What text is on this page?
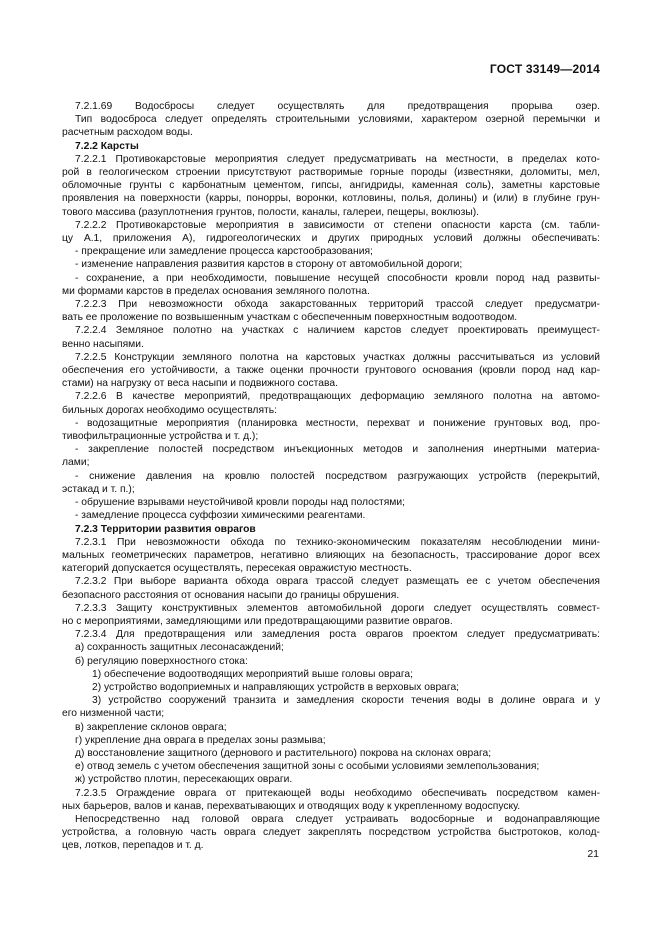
ГОСТ 33149—2014

7.2.1.69 Водосбросы следует осуществлять для предотвращения прорыва озер.

Тип водосброса следует определять строительными условиями, характером озерной перемычки и

расчетным расходом воды.

7.2.2 Карсты

7.2.2.1 Противокарстовые мероприятия следует предусматривать на местности, в пределах кото-

рой в геологическом строении присутствуют растворимые горные породы (известняки, доломиты, мел,

обломочные грунты с карбонатным цементом, гипсы, ангидриды, каменная соль), заметны карстовые

проявления на поверхности (карры, понорры, воронки, котловины, полья, долины) и (или) в глубине грун-

тового массива (разуплотнения грунтов, полости, каналы, галереи, пещеры, воклюзы).

7.2.2.2 Противокарстовые мероприятия в зависимости от степени опасности карста (см. табли-

цу А.1, приложения А), гидрогеологических и других природных условий должны обеспечивать:

- прекращение или замедление процесса карстообразования;

- изменение направления развития карстов в сторону от автомобильной дороги;

- сохранение, а при необходимости, повышение несущей способности кровли пород над развиты-

ми формами карстов в пределах основания земляного полотна.

7.2.2.3 При невозможности обхода закарстованных территорий трассой следует предусматри-

вать ее проложение по возвышенным участкам с обеспеченным поверхностным водоотводом.

7.2.2.4 Земляное полотно на участках с наличием карстов следует проектировать преимущест-

венно насыпями.

7.2.2.5 Конструкции земляного полотна на карстовых участках должны рассчитываться из условий

обеспечения его устойчивости, а также оценки прочности грунтового основания (кровли пород над кар-

стами) на нагрузку от веса насыпи и подвижного состава.

7.2.2.6 В качестве мероприятий, предотвращающих деформацию земляного полотна на автомо-

бильных дорогах необходимо осуществлять:

- водозащитные мероприятия (планировка местности, перехват и понижение грунтовых вод, про-

тивофильтрационные устройства и т. д.);

- закрепление полостей посредством инъекционных методов и заполнения инертными материа-

лами;

- снижение давления на кровлю полостей посредством разгружающих устройств (перекрытий,

эстакад и т. п.);

- обрушение взрывами неустойчивой кровли породы над полостями;

- замедление процесса суффозии химическими реагентами.

7.2.3 Территории развития оврагов

7.2.3.1 При невозможности обхода по технико-экономическим показателям несоблюдении мини-

мальных геометрических параметров, негативно влияющих на безопасность, трассирование дорог всех

категорий допускается осуществлять, пересекая овражистую местность.

7.2.3.2 При выборе варианта обхода оврага трассой следует размещать ее с учетом обеспечения

безопасного расстояния от основания насыпи до границы обрушения.

7.2.3.3 Защиту конструктивных элементов автомобильной дороги следует осуществлять совмест-

но с мероприятиями, замедляющими или предотвращающими развитие оврагов.

7.2.3.4 Для предотвращения или замедления роста оврагов проектом следует предусматривать:

а) сохранность защитных лесонасаждений;

б) регуляцию поверхностного стока:

1) обеспечение водоотводящих мероприятий выше головы оврага;

2) устройство водоприемных и направляющих устройств в верховых оврага;

3) устройство сооружений транзита и замедления скорости течения воды в долине оврага и у

его низменной части;

в) закрепление склонов оврага;

г) укрепление дна оврага в пределах зоны размыва;

д) восстановление защитного (дернового и растительного) покрова на склонах оврага;

е) отвод земель с учетом обеспечения защитной зоны с особыми условиями землепользования;

ж) устройство плотин, пересекающих овраги.

7.2.3.5 Ограждение оврага от притекающей воды необходимо обеспечивать посредством камен-

ных барьеров, валов и канав, перехватывающих и отводящих воду к укрепленному водоспуску.

Непосредственно над головой оврага следует устраивать водосборные и водонаправляющие

устройства, а головную часть оврага следует закреплять посредством устройства быстротоков, колод-

цев, лотков, перепадов и т. д.

21
